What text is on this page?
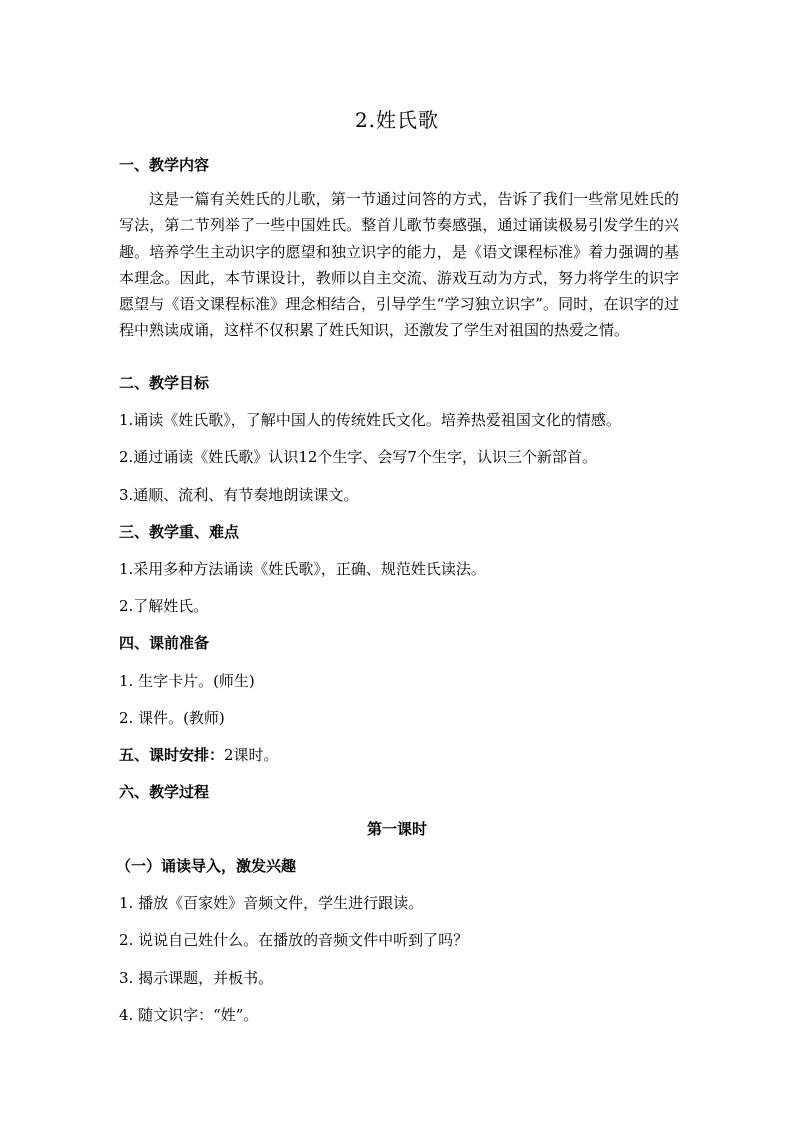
2.姓氏歌
一、教学内容
这是一篇有关姓氏的儿歌，第一节通过问答的方式，告诉了我们一些常见姓氏的写法，第二节列举了一些中国姓氏。整首儿歌节奏感强，通过诵读极易引发学生的兴趣。培养学生主动识字的愿望和独立识字的能力，是《语文课程标准》着力强调的基本理念。因此，本节课设计，教师以自主交流、游戏互动为方式，努力将学生的识字愿望与《语文课程标准》理念相结合，引导学生“学习独立识字”。同时，在识字的过程中熟读成诵，这样不仅积累了姓氏知识，还激发了学生对祖国的热爱之情。
二、教学目标
1.诵读《姓氏歌》，了解中国人的传统姓氏文化。培养热爱祖国文化的情感。
2.通过诵读《姓氏歌》认识12个生字、会写7个生字，认识三个新部首。
3.通顺、流利、有节奏地朗读课文。
三、教学重、难点
1.采用多种方法诵读《姓氏歌》，正确、规范姓氏读法。
2.了解姓氏。
四、课前准备
1. 生字卡片。(师生)
2. 课件。(教师)
五、课时安排：2课时。
六、教学过程
第一课时
（一）诵读导入，激发兴趣
1. 播放《百家姓》音频文件，学生进行跟读。
2. 说说自己姓什么。在播放的音频文件中听到了吗？
3. 揭示课题，并板书。
4. 随文识字：“姓”。
